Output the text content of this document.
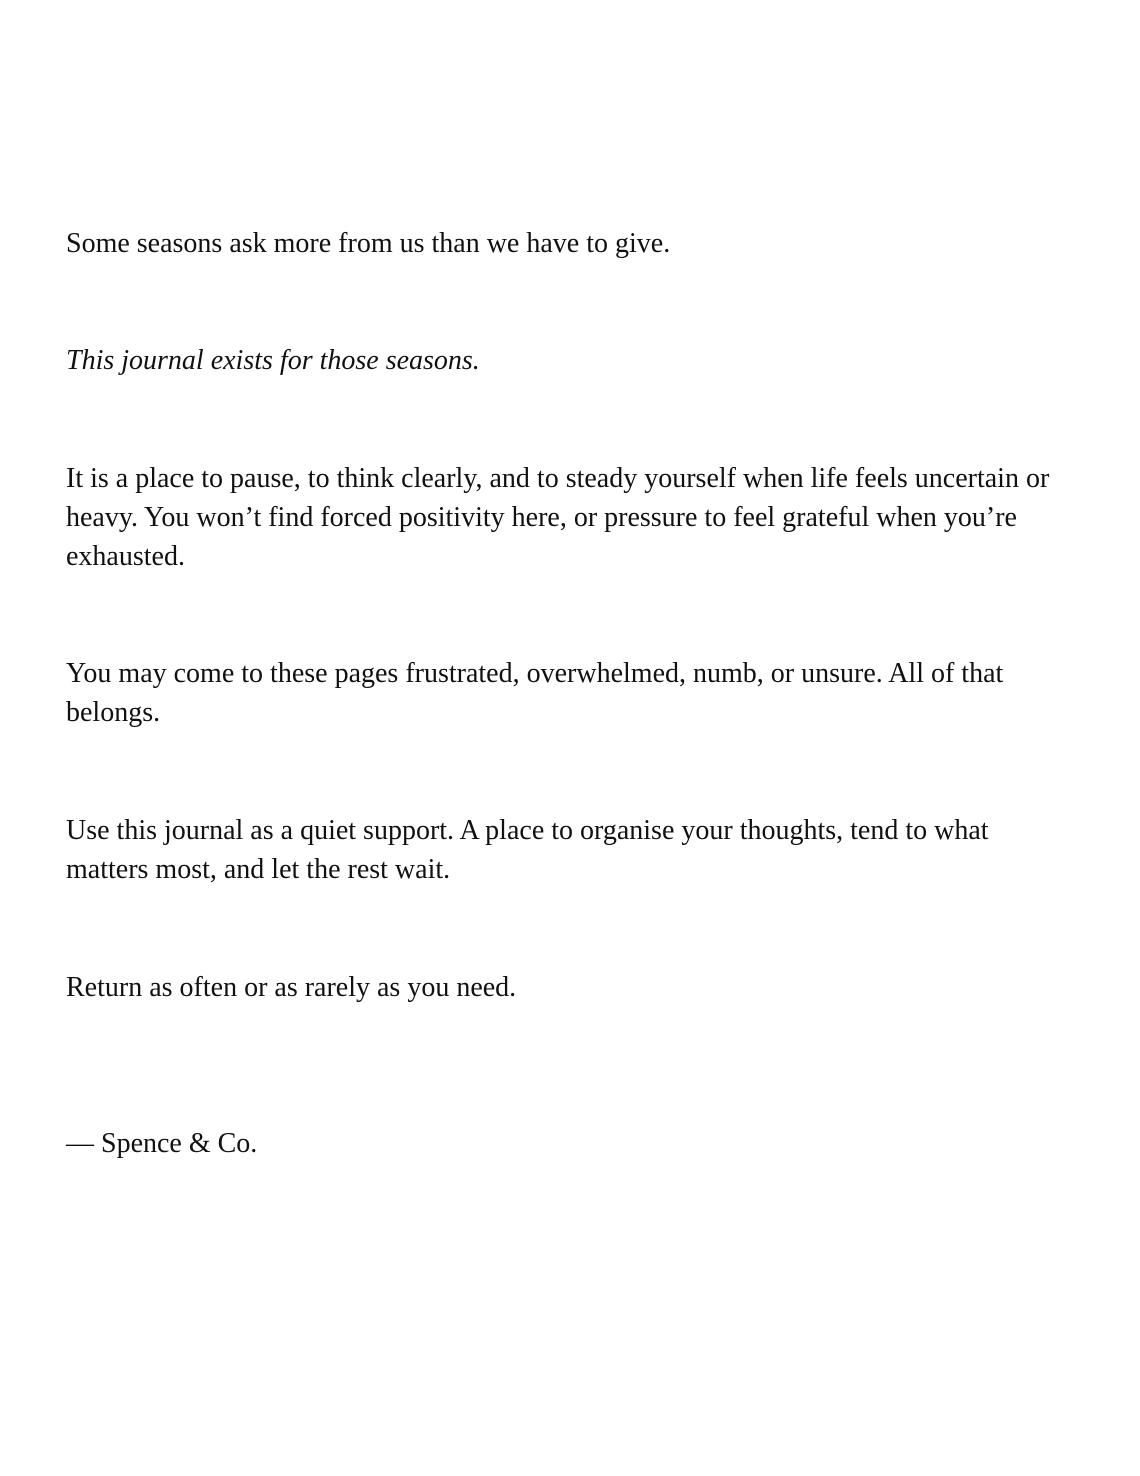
Some seasons ask more from us than we have to give.

This journal exists for those seasons.

It is a place to pause, to think clearly, and to steady yourself when life feels uncertain or heavy. You won’t find forced positivity here, or pressure to feel grateful when you’re exhausted.

You may come to these pages frustrated, overwhelmed, numb, or unsure. All of that belongs.

Use this journal as a quiet support. A place to organise your thoughts, tend to what matters most, and let the rest wait.

Return as often or as rarely as you need.

— Spence & Co.
